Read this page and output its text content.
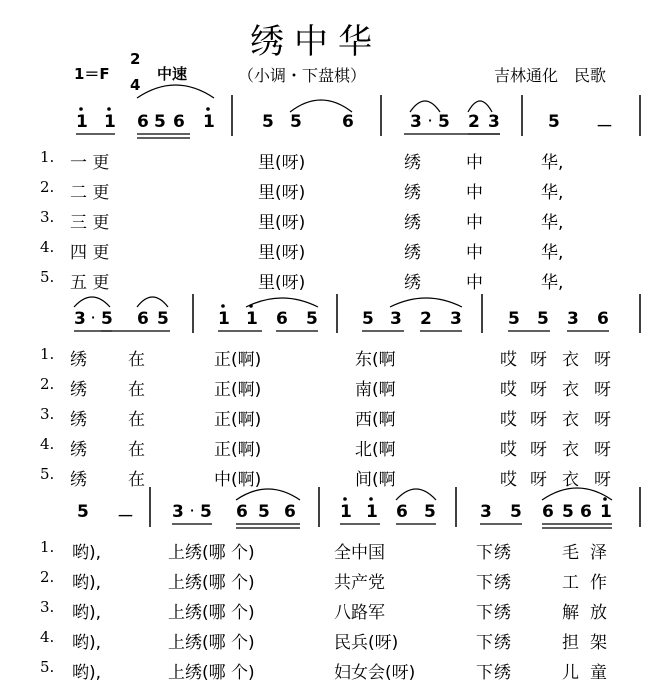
绣中华
1＝F
2
4
中速	（小调・下盘棋）	吉林通化　民歌
1 1 6 5 6 1	5 5 6	3 · 5 2 3	5 －
3 · 5 6 5	1 1 6 5	5 3 2 3	5 5 3 6
5 － 3 · 5 6 5 6	1 1 6 5	3 5 6 5 6 1
1. 一 更	里(呀)	绣	中	华,
2. 二 更	里(呀)	绣	中	华,
3. 三 更	里(呀)	绣	中	华,
4. 四 更	里(呀)	绣	中	华,
5. 五 更	里(呀)	绣	中	华,
1. 绣 在	正(啊)	东(啊	哎 呀 衣 呀
2. 绣 在	正(啊)	南(啊	哎 呀 衣 呀
3. 绣 在	正(啊)	西(啊	哎 呀 衣 呀
4. 绣 在	正(啊)	北(啊	哎 呀 衣 呀
5. 绣 在	中(啊)	间(啊	哎 呀 衣 呀
1. 哟),	上绣(哪 个)	全中国	下 绣	毛 泽
2. 哟),	上绣(哪 个)	共产党	下 绣	工 作
3. 哟),	上绣(哪 个)	八路军	下 绣	解 放
4. 哟),	上绣(哪 个)	民兵(呀)	下 绣	担 架
5. 哟),	上绣(哪 个)	妇女会(呀)	下 绣	儿 童
